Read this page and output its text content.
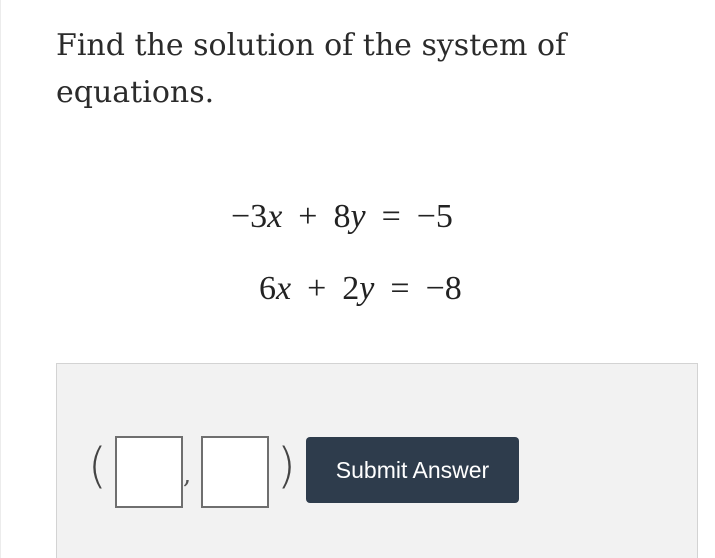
Find the solution of the system of equations.
−3x + 8 y = −5
6x + 2 y = −8
(	, )	Submit Answer
